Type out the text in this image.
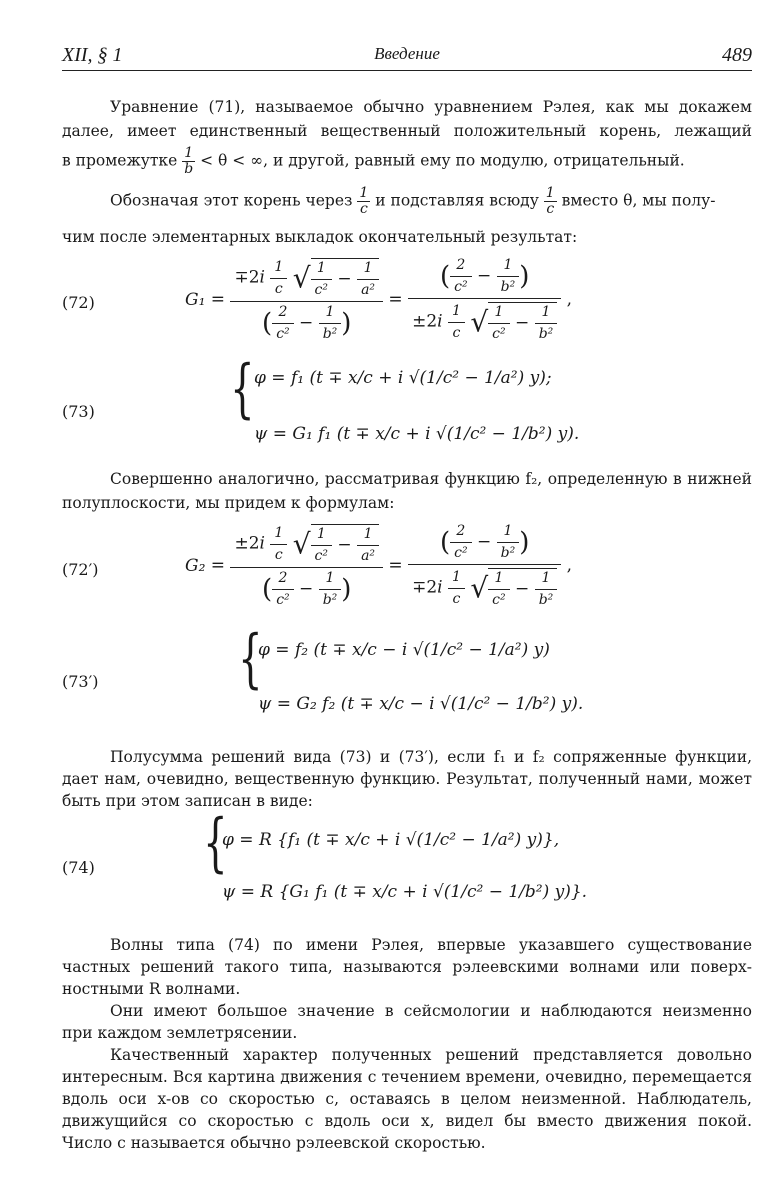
XII, § 1	Введение	489
Уравнение (71), называемое обычно уравнением Рэлея, как мы докажем
далее, имеет единственный вещественный положительный корень, лежащий
в промежутке $\frac{1}{b} < \theta$ < ∞, и другой, равный ему по модулю, отрицательный.
Обозначая этот корень через $\frac{1}{c}$ и подставляя всюду $\frac{1}{c}$ вместо θ, мы полу-
чим после элементарных выкладок окончательный результат:
(72)	$G_1 = \frac{\mp 2i \frac{1}{c} √ \frac{1}{\text{c²}} - \frac{1}{\text{a²}}}{( \frac{2}{\text{c²}} - \frac{1}{\text{b²}} )} = \frac{( \frac{2}{\text{c²}} - \frac{1}{\text{b²}} )}{\pm 2i \frac{1}{c} √ \frac{1}{\text{c²}} - \frac{1}{\text{b²}}}$ ,
(73) { φ = f₁ (t ∓ x/c + i √(1/c² − 1/a²) y);
ψ = G₁ f₁ (t ∓ x/c + i √(1/c² − 1/b²) y).
Совершенно аналогично, рассматривая функцию f₂, определенную в нижней
полуплоскости, мы придем к формулам:
(72′)	$G_2 = \frac{\pm 2i \frac{1}{c} √ \frac{1}{\text{c²}} - \frac{1}{\text{a²}}}{( \frac{2}{\text{c²}} - \frac{1}{\text{b²}} )} = \frac{( \frac{2}{\text{c²}} - \frac{1}{\text{b²}} )}{\mp 2i \frac{1}{c} √ \frac{1}{\text{c²}} - \frac{1}{\text{b²}}}$ ,
(73′) {
φ = f₂ (t ∓ x/c − i √(1/c² − 1/a²) y)
ψ = G₂ f₂ (t ∓ x/c − i √(1/c² − 1/b²) y).
Полусумма решений вида (73) и (73′), если f₁ и f₂ сопряженные функции,
дает нам, очевидно, вещественную функцию. Результат, полученный нами, может
быть при этом записан в виде:
(74) {
φ = R {f₁ (t ∓ x/c + i √(1/c² − 1/a²) y)},
ψ = R {G₁ f₁ (t ∓ x/c + i √(1/c² − 1/b²) y)}.
Волны типа (74) по имени Рэлея, впервые указавшего существование
частных решений такого типа, называются рэлеевскими волнами или поверх-
ностными R волнами.
Они имеют большое значение в сейсмологии и наблюдаются неизменно
при каждом землетрясении.
Качественный характер полученных решений представляется довольно
интересным. Вся картина движения с течением времени, очевидно, перемещается
вдоль оси x-ов со скоростью c, оставаясь в целом неизменной. Наблюдатель,
движущийся со скоростью c вдоль оси x, видел бы вместо движения покой.
Число c называется обычно рэлеевской скоростью.
